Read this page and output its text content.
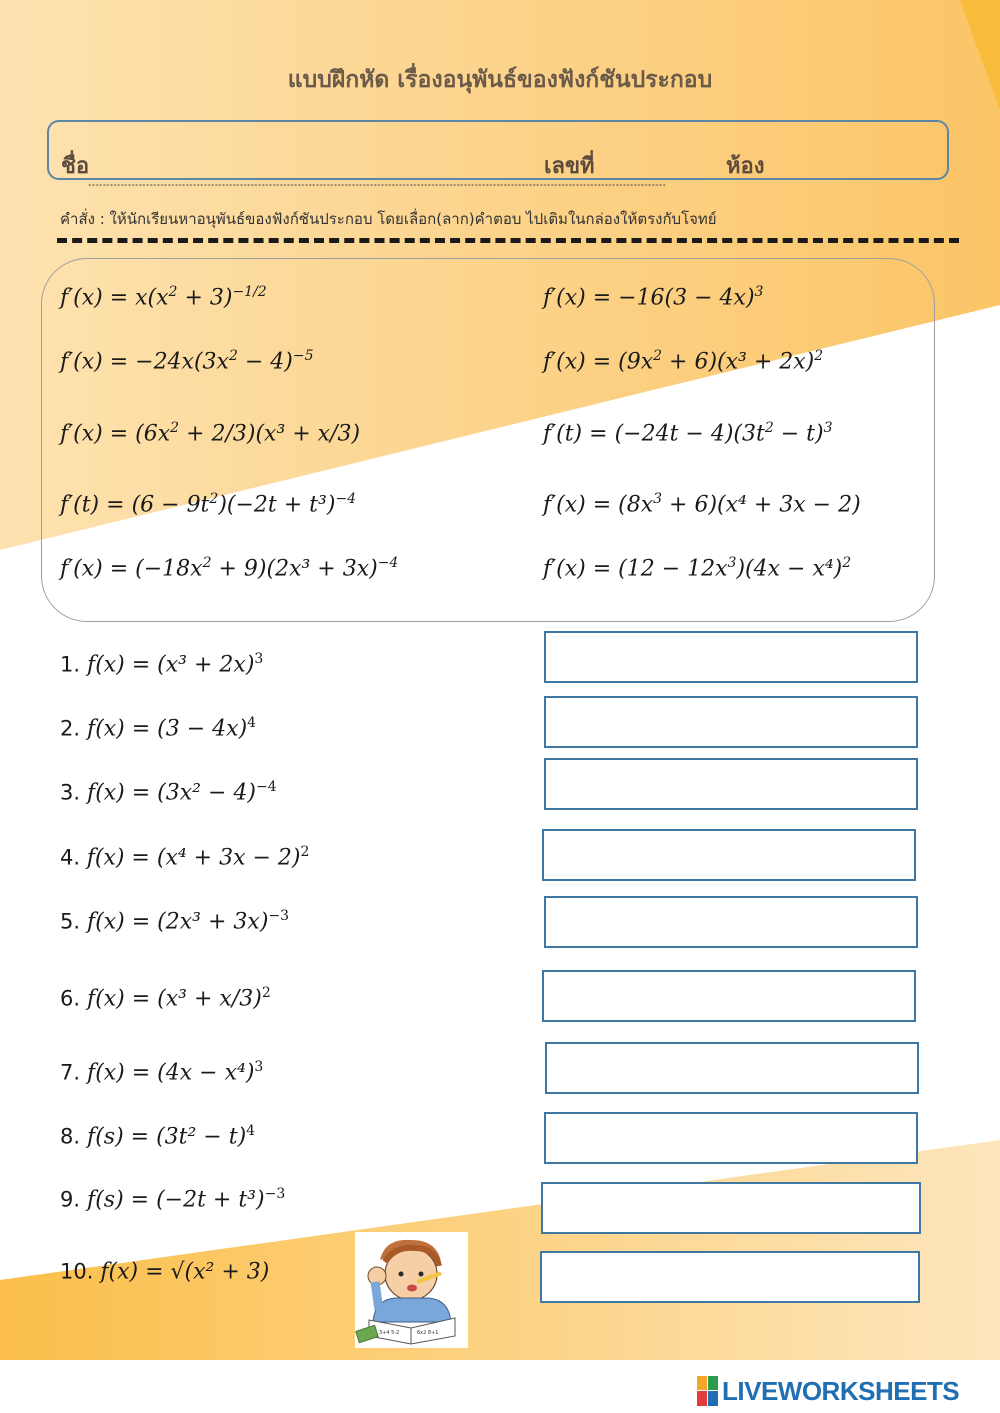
แบบฝึกหัด เรื่องอนุพันธ์ของฟังก์ชันประกอบ
ชื่อ	เลขที่	ห้อง
****************************************************************************************************************************************************************
คำสั่ง : ให้นักเรียนหาอนุพันธ์ของฟังก์ชันประกอบ โดยเลื่อก(ลาก)คำตอบ ไปเติมในกล่องให้ตรงกับโจทย์
$f'(x) = x(x^2 + 3)^{-1/2}$	$f'(x) = -16(3 - 4x)^3$
$f'(x) = -24x(3x^2 - 4)^{-5}$	$f'(x) = (9x^2 + 6)(x^3 + 2x)^2$
$f'(x) = (6x^2 + 2/3)(x^3 + x/3)$	$f'(t) = (-24t - 4)(3t^2 - t)^3$
$f'(t) = (6 - 9t^2)(-2t + t^3)^{-4}$	$f'(x) = (8x^3 + 6)(x^4 + 3x - 2)$
$f'(x) = (-18x^2 + 9)(2x^3 + 3x)^{-4}$	$f'(x) = (12 - 12x^3)(4x - x^4)^2$
1. $f(x) = (x^3 + 2x)^3$
2. $f(x) = (3 - 4x)^4$
3. $f(x) = (3x^2 - 4)^{-4}$
4. $f(x) = (x^4 + 3x - 2)^2$
5. $f(x) = (2x^3 + 3x)^{-3}$
6. $f(x) = (x^3 + x/3)^2$
7. $f(x) = (4x - x^4)^3$
8. $f(s) = (3t^2 - t)^4$
9. $f(s) = (-2t + t^3)^{-3}$
10. f(x) = √(x² + 3)
3+4 5-2	6x2 8+1
LIVEWORKSHEETS
